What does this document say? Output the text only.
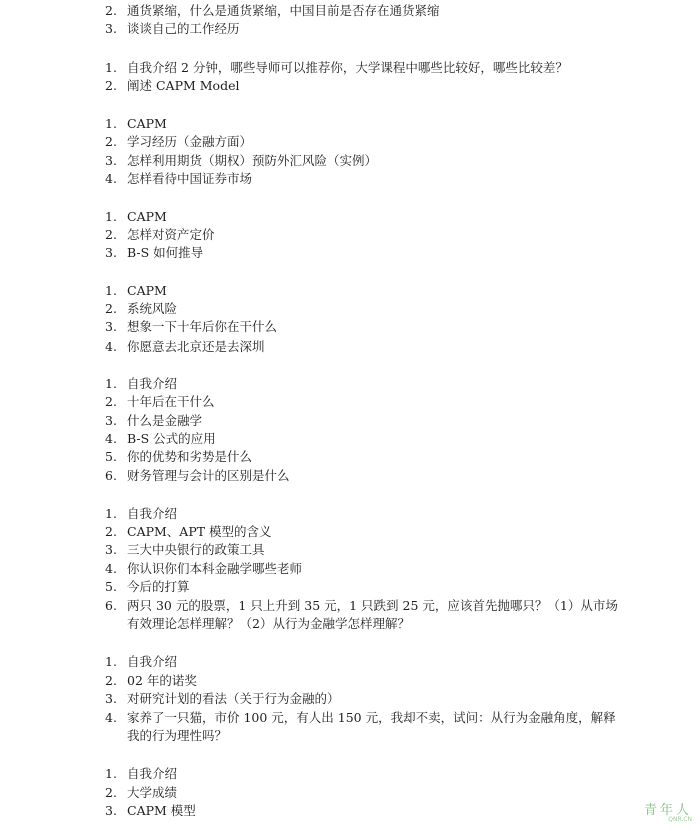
2. 通货紧缩，什么是通货紧缩，中国目前是否存在通货紧缩
3. 谈谈自己的工作经历
1. 自我介绍 2 分钟，哪些导师可以推荐你，大学课程中哪些比较好，哪些比较差？
2. 阐述 CAPM Model
1. CAPM
2. 学习经历（金融方面）
3. 怎样利用期货（期权）预防外汇风险（实例）
4. 怎样看待中国证券市场
1. CAPM
2. 怎样对资产定价
3. B-S 如何推导
1. CAPM
2. 系统风险
3. 想象一下十年后你在干什么
4. 你愿意去北京还是去深圳
1. 自我介绍
2. 十年后在干什么
3. 什么是金融学
4. B-S 公式的应用
5. 你的优势和劣势是什么
6. 财务管理与会计的区别是什么
1. 自我介绍
2. CAPM、APT 模型的含义
3. 三大中央银行的政策工具
4. 你认识你们本科金融学哪些老师
5. 今后的打算
6. 两只 30 元的股票，1 只上升到 35 元，1 只跌到 25 元，应该首先抛哪只？（1）从市场
有效理论怎样理解？（2）从行为金融学怎样理解？
1. 自我介绍
2. 02 年的诺奖
3. 对研究计划的看法（关于行为金融的）
4. 家养了一只猫，市价 100 元，有人出 150 元，我却不卖，试问：从行为金融角度，解释
我的行为理性吗？
1. 自我介绍
2. 大学成绩
3. CAPM 模型	青年人
QNR.CN
